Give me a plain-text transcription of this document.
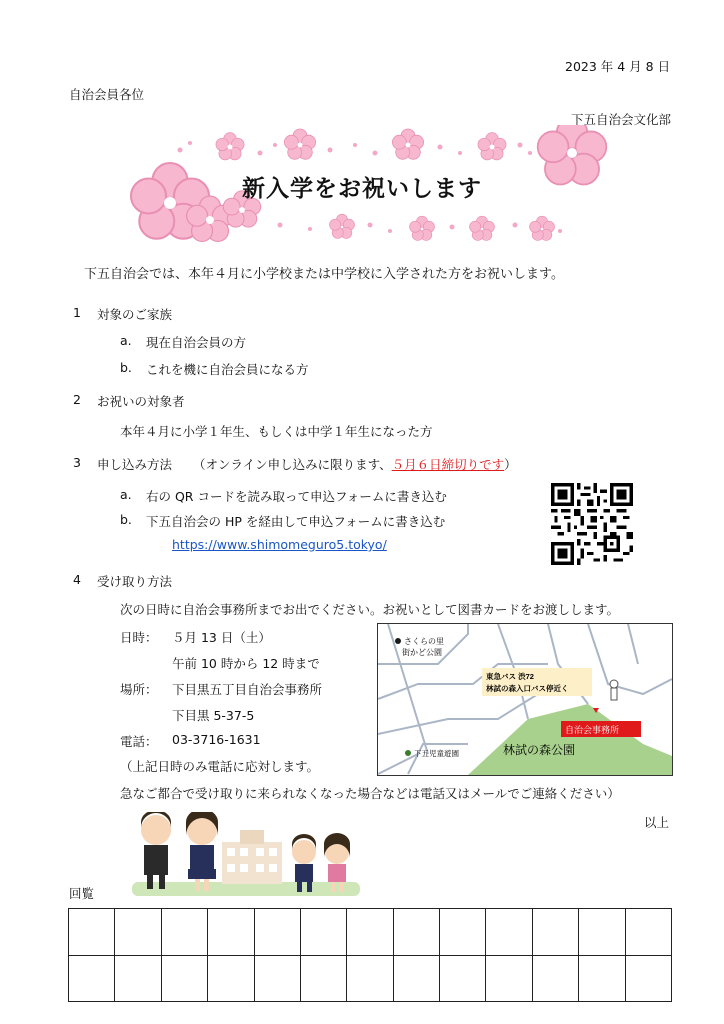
2023 年 4 月 8 日
自治会員各位
下五自治会文化部
新入学をお祝いします
下五自治会では、本年４月に小学校または中学校に入学された方をお祝いします。
1 対象のご家族
a. 現在自治会員の方
b. これを機に自治会員になる方
2 お祝いの対象者
本年４月に小学１年生、もしくは中学１年生になった方
3 申し込み方法 （オンライン申し込みに限ります、５月６日締切りです）
a. 右の QR コードを読み取って申込フォームに書き込む
b. 下五自治会の HP を経由して申込フォームに書き込む
https://www.shimomeguro5.tokyo/
4 受け取り方法
次の日時に自治会事務所までお出でください。お祝いとして図書カードをお渡しします。
日時： ５月 13 日（土）
午前 10 時から 12 時まで
場所： 下目黒五丁目自治会事務所
下目黒 5-37-5
電話： 03-3716-1631
（上記日時のみ電話に応対します。
急なご都合で受け取りに来られなくなった場合などは電話又はメールでご連絡ください）
さくらの里
街かど公園
東急バス 渋72
林試の森入口バス停近く
自治会事務所
下五児童遊園	林試の森公園
以上
回覧
